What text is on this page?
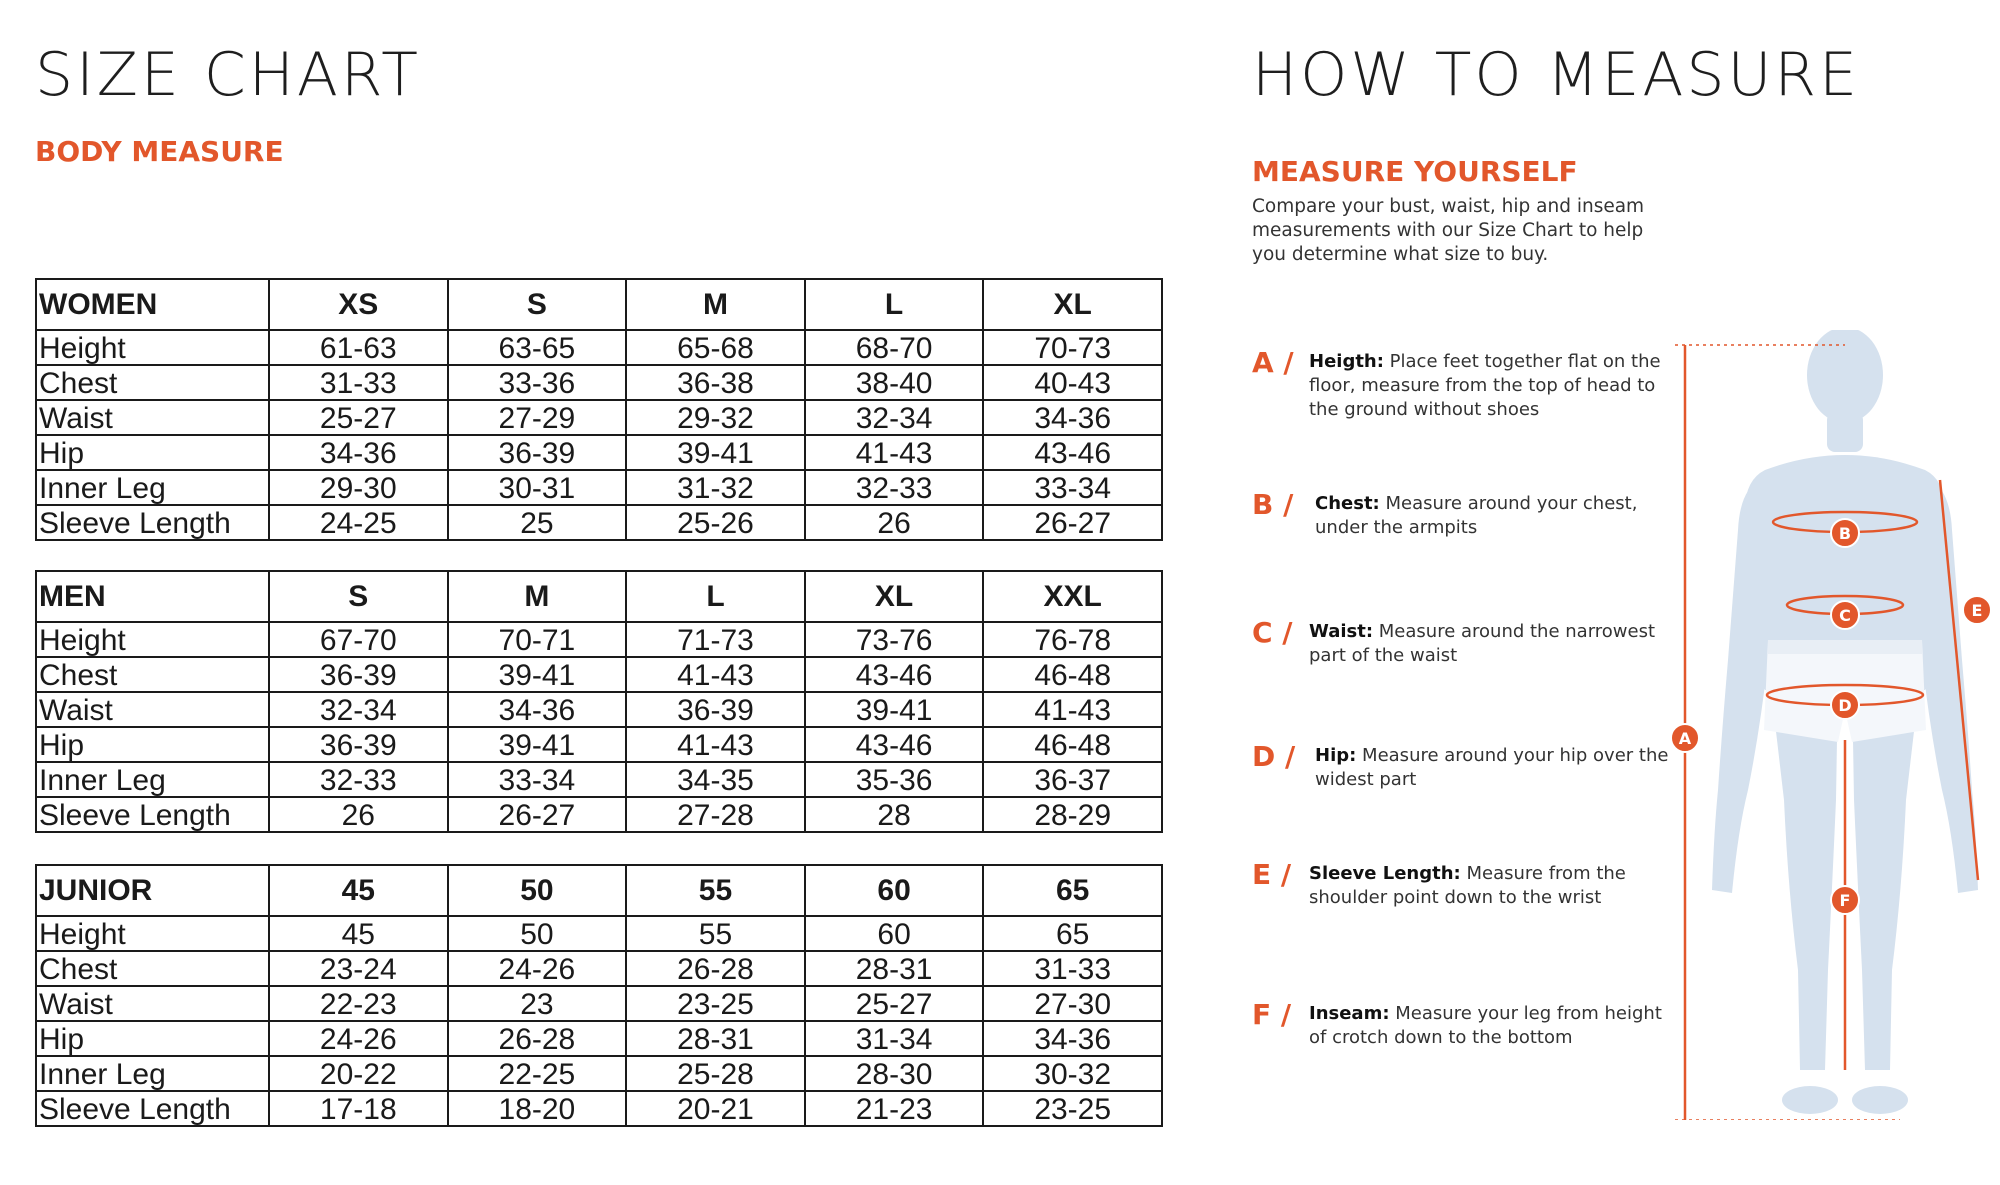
SIZE CHART
BODY MEASURE
WOMEN	XS	S	M	L	XL
Height	61-63	63-65	65-68	68-70	70-73
Chest	31-33	33-36	36-38	38-40	40-43
Waist	25-27	27-29	29-32	32-34	34-36
Hip	34-36	36-39	39-41	41-43	43-46
Inner Leg	29-30	30-31	31-32	32-33	33-34
Sleeve Length	24-25	25	25-26	26	26-27
MEN	S	M	L	XL	XXL
Height	67-70	70-71	71-73	73-76	76-78
Chest	36-39	39-41	41-43	43-46	46-48
Waist	32-34	34-36	36-39	39-41	41-43
Hip	36-39	39-41	41-43	43-46	46-48
Inner Leg	32-33	33-34	34-35	35-36	36-37
Sleeve Length	26	26-27	27-28	28	28-29
JUNIOR	45	50	55	60	65
Height	45	50	55	60	65
Chest	23-24	24-26	26-28	28-31	31-33
Waist	22-23	23	23-25	25-27	27-30
Hip	24-26	26-28	28-31	31-34	34-36
Inner Leg	20-22	22-25	25-28	28-30	30-32
Sleeve Length	17-18	18-20	20-21	21-23	23-25
HOW TO MEASURE
MEASURE YOURSELF
Compare your bust, waist, hip and inseam measurements with our Size Chart to help you determine what size to buy.
A / Heigth: Place feet together flat on the floor, measure from the top of head to the ground without shoes
B / Chest: Measure around your chest, under the armpits
C / Waist: Measure around the narrowest part of the waist
D / Hip: Measure around your hip over the widest part
E / Sleeve Length: Measure from the shoulder point down to the wrist
F / Inseam: Measure your leg from height of crotch down to the bottom
A
B
C
D
E
F
